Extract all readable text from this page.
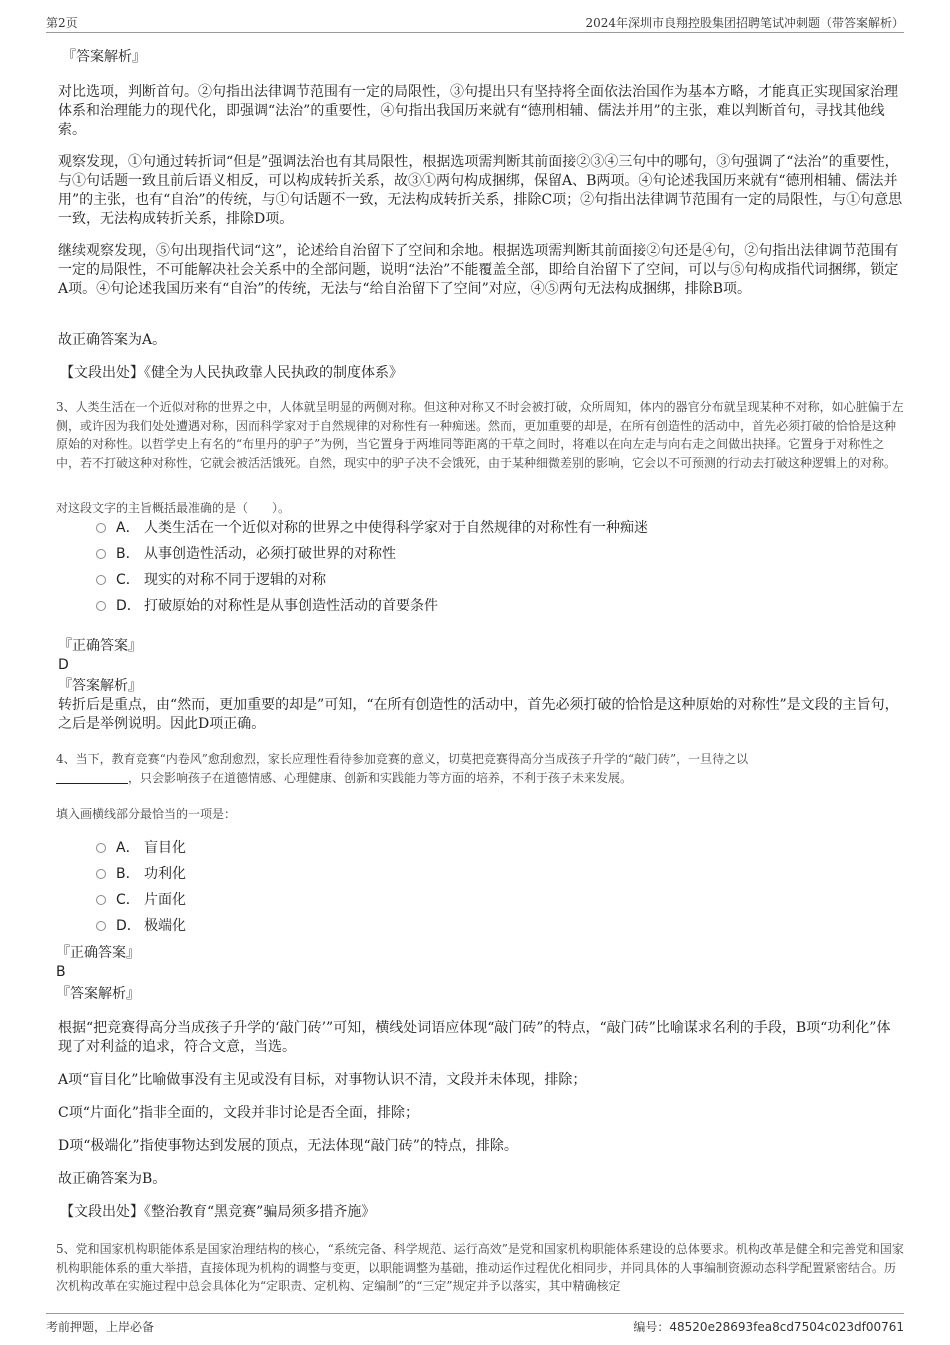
第2页	2024年深圳市良翔控股集团招聘笔试冲刺题（带答案解析）
『答案解析』

对比选项，判断首句。②句指出法律调节范围有一定的局限性，③句提出只有坚持将全面依法治国作为基本方略，才能真正实现国家治理体系和治理能力的现代化，即强调“法治”的重要性，④句指出我国历来就有“德刑相辅、儒法并用”的主张，难以判断首句，寻找其他线索。

观察发现，①句通过转折词“但是”强调法治也有其局限性，根据选项需判断其前面接②③④三句中的哪句，③句强调了“法治”的重要性，与①句话题一致且前后语义相反，可以构成转折关系，故③①两句构成捆绑，保留A、B两项。④句论述我国历来就有“德刑相辅、儒法并用”的主张，也有“自治”的传统，与①句话题不一致，无法构成转折关系，排除C项；②句指出法律调节范围有一定的局限性，与①句意思一致，无法构成转折关系，排除D项。

继续观察发现，⑤句出现指代词“这”，论述给自治留下了空间和余地。根据选项需判断其前面接②句还是④句，②句指出法律调节范围有一定的局限性，不可能解决社会关系中的全部问题，说明“法治”不能覆盖全部，即给自治留下了空间，可以与⑤句构成指代词捆绑，锁定A项。④句论述我国历来有“自治”的传统，无法与“给自治留下了空间”对应，④⑤两句无法构成捆绑，排除B项。

故正确答案为A。

【文段出处】《健全为人民执政靠人民执政的制度体系》

3、人类生活在一个近似对称的世界之中，人体就呈明显的两侧对称。但这种对称又不时会被打破，众所周知，体内的器官分布就呈现某种不对称，如心脏偏于左侧，或许因为我们处处遭遇对称，因而科学家对于自然规律的对称性有一种痴迷。然而，更加重要的却是，在所有创造性的活动中，首先必须打破的恰恰是这种原始的对称性。以哲学史上有名的“布里丹的驴子”为例，当它置身于两堆同等距离的干草之间时，将难以在向左走与向右走之间做出抉择。它置身于对称性之中，若不打破这种对称性，它就会被活活饿死。自然，现实中的驴子决不会饿死，由于某种细微差别的影响，它会以不可预测的行动去打破这种逻辑上的对称。

对这段文字的主旨概括最准确的是（　　）。

A． 人类生活在一个近似对称的世界之中使得科学家对于自然规律的对称性有一种痴迷
B． 从事创造性活动，必须打破世界的对称性
C． 现实的对称不同于逻辑的对称
D． 打破原始的对称性是从事创造性活动的首要条件
『正确答案』
D
『答案解析』

转折后是重点，由“然而，更加重要的却是”可知，“在所有创造性的活动中，首先必须打破的恰恰是这种原始的对称性”是文段的主旨句，之后是举例说明。因此D项正确。

4、当下，教育竞赛“内卷风”愈刮愈烈，家长应理性看待参加竞赛的意义，切莫把竞赛得高分当成孩子升学的“敲门砖”，一旦待之以
，只会影响孩子在道德情感、心理健康、创新和实践能力等方面的培养，不利于孩子未来发展。

填入画横线部分最恰当的一项是：

A． 盲目化
B． 功利化
C． 片面化
D． 极端化
『正确答案』
B
『答案解析』

根据“把竞赛得高分当成孩子升学的‘敲门砖’”可知，横线处词语应体现“敲门砖”的特点，“敲门砖”比喻谋求名利的手段，B项“功利化”体现了对利益的追求，符合文意，当选。

A项“盲目化”比喻做事没有主见或没有目标，对事物认识不清，文段并未体现，排除；

C项“片面化”指非全面的，文段并非讨论是否全面，排除；

D项“极端化”指使事物达到发展的顶点，无法体现“敲门砖”的特点，排除。

故正确答案为B。

【文段出处】《整治教育“黑竞赛”骗局须多措齐施》

5、党和国家机构职能体系是国家治理结构的核心，“系统完备、科学规范、运行高效”是党和国家机构职能体系建设的总体要求。机构改革是健全和完善党和国家机构职能体系的重大举措，直接体现为机构的调整与变更，以职能调整为基础，推动运作过程优化相同步，并同具体的人事编制资源动态科学配置紧密结合。历次机构改革在实施过程中总会具体化为“定职责、定机构、定编制”的“三定”规定并予以落实，其中精确核定

考前押题，上岸必备	编号：48520e28693fea8cd7504c023df00761
